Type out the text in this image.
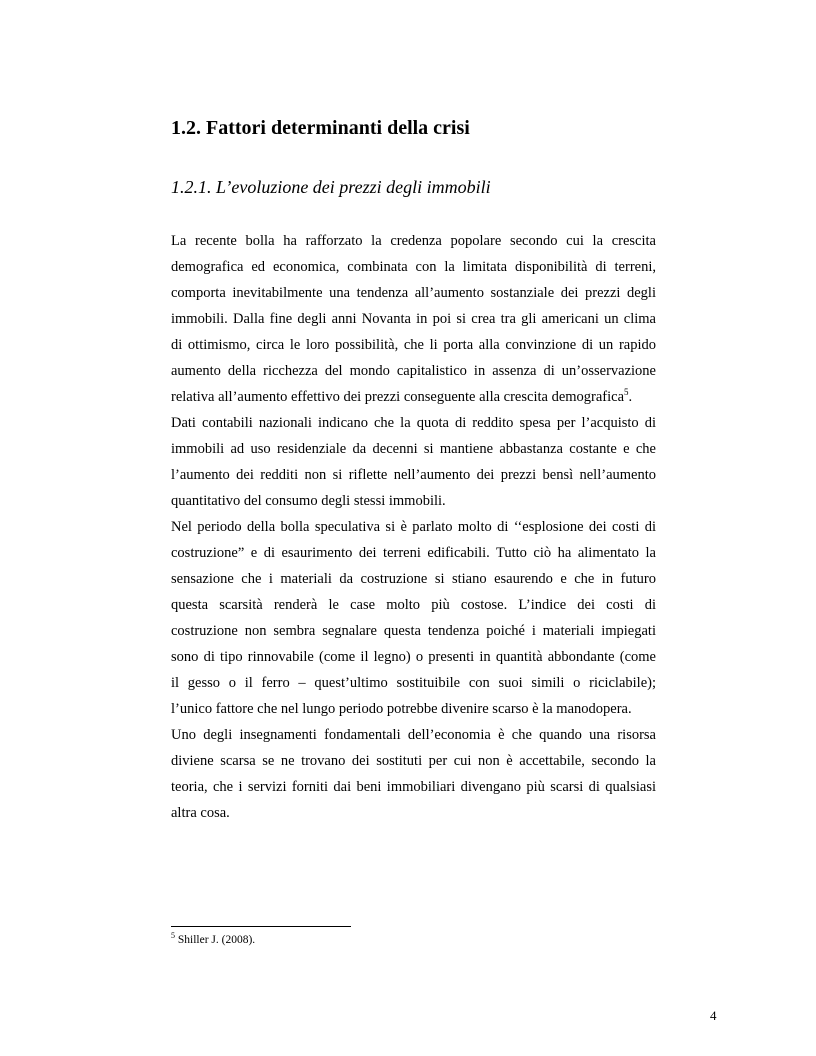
1.2. Fattori determinanti della crisi
1.2.1. L’evoluzione dei prezzi degli immobili
La recente bolla ha rafforzato la credenza popolare secondo cui la crescita
demografica ed economica, combinata con la limitata disponibilità di terreni,
comporta inevitabilmente una tendenza all’aumento sostanziale dei prezzi degli
immobili. Dalla fine degli anni Novanta in poi si crea tra gli americani un clima
di ottimismo, circa le loro possibilità, che li porta alla convinzione di un rapido
aumento della ricchezza del mondo capitalistico in assenza di un’osservazione
relativa all’aumento effettivo dei prezzi conseguente alla crescita demografica$^5$.
Dati contabili nazionali indicano che la quota di reddito spesa per l’acquisto di
immobili ad uso residenziale da decenni si mantiene abbastanza costante e che
l’aumento dei redditi non si riflette nell’aumento dei prezzi bensì nell’aumento
quantitativo del consumo degli stessi immobili.
Nel periodo della bolla speculativa si è parlato molto di ‘‘esplosione dei costi di
costruzione” e di esaurimento dei terreni edificabili. Tutto ciò ha alimentato la
sensazione che i materiali da costruzione si stiano esaurendo e che in futuro
questa scarsità renderà le case molto più costose. L’indice dei costi di
costruzione non sembra segnalare questa tendenza poiché i materiali impiegati
sono di tipo rinnovabile (come il legno) o presenti in quantità abbondante (come
il gesso o il ferro – quest’ultimo sostituibile con suoi simili o riciclabile);
l’unico fattore che nel lungo periodo potrebbe divenire scarso è la manodopera.
Uno degli insegnamenti fondamentali dell’economia è che quando una risorsa
diviene scarsa se ne trovano dei sostituti per cui non è accettabile, secondo la
teoria, che i servizi forniti dai beni immobiliari divengano più scarsi di qualsiasi
altra cosa.
$^5$ Shiller J. (2008).
4
